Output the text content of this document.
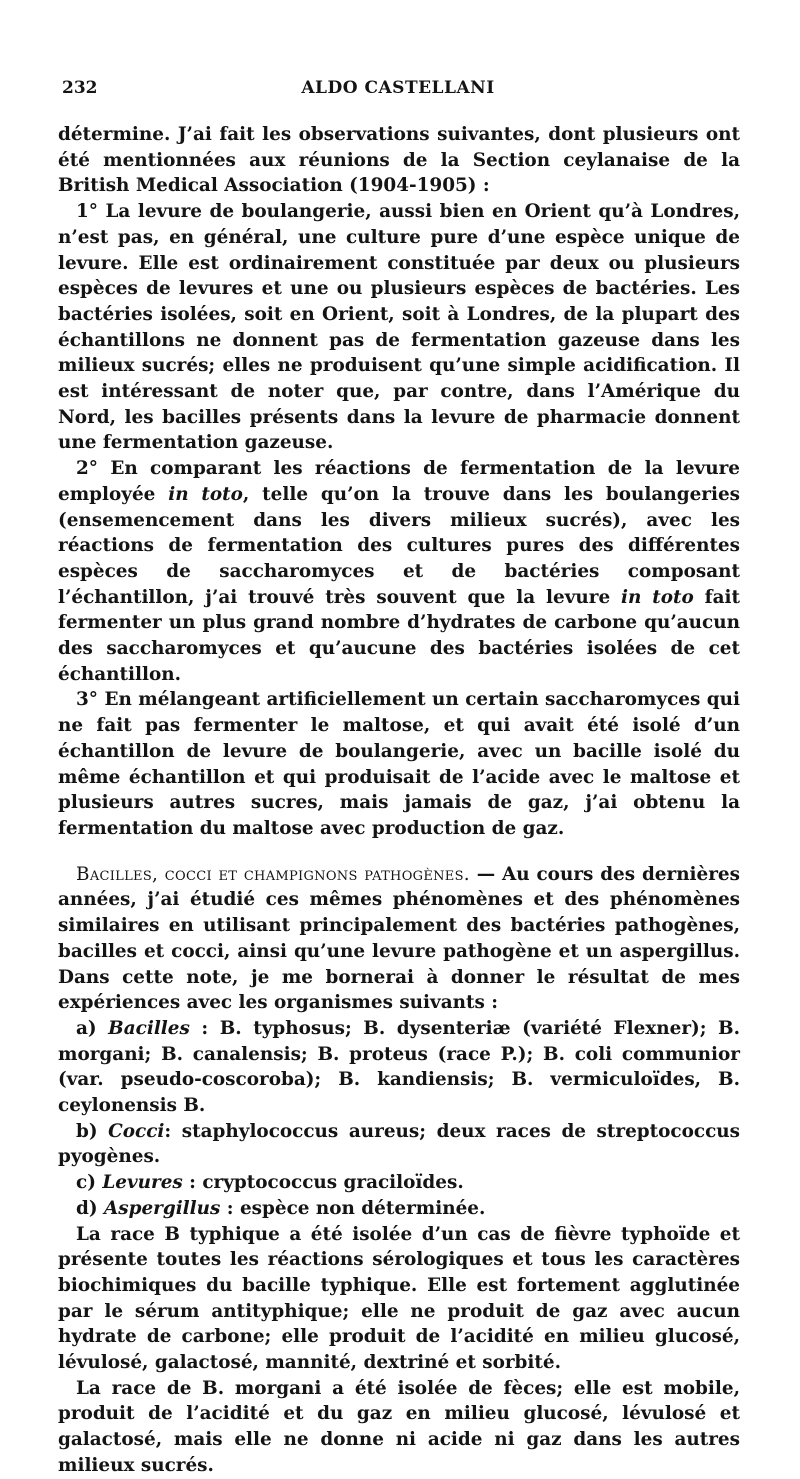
232	ALDO CASTELLANI

détermine. J’ai fait les observations suivantes, dont plusieurs ont été mentionnées aux réunions de la Section ceylanaise de la British Medical Association (1904-1905) :

1° La levure de boulangerie, aussi bien en Orient qu’à Londres, n’est pas, en général, une culture pure d’une espèce unique de levure. Elle est ordinairement constituée par deux ou plusieurs espèces de levures et une ou plusieurs espèces de bactéries. Les bactéries isolées, soit en Orient, soit à Londres, de la plupart des échantillons ne donnent pas de fermentation gazeuse dans les milieux sucrés; elles ne produisent qu’une simple acidification. Il est intéressant de noter que, par contre, dans l’Amérique du Nord, les bacilles présents dans la levure de pharmacie donnent une fermentation gazeuse.

2° En comparant les réactions de fermentation de la levure employée in toto, telle qu’on la trouve dans les boulangeries (ensemencement dans les divers milieux sucrés), avec les réactions de fermentation des cultures pures des différentes espèces de saccharomyces et de bactéries composant l’échantillon, j’ai trouvé très souvent que la levure in toto fait fermenter un plus grand nombre d’hydrates de carbone qu’aucun des saccharomyces et qu’aucune des bactéries isolées de cet échantillon.

3° En mélangeant artificiellement un certain saccharomyces qui ne fait pas fermenter le maltose, et qui avait été isolé d’un échantillon de levure de boulangerie, avec un bacille isolé du même échantillon et qui produisait de l’acide avec le maltose et plusieurs autres sucres, mais jamais de gaz, j’ai obtenu la fermentation du maltose avec production de gaz.

Bacilles, cocci et champignons pathogènes. — Au cours des dernières années, j’ai étudié ces mêmes phénomènes et des phénomènes similaires en utilisant principalement des bactéries pathogènes, bacilles et cocci, ainsi qu’une levure pathogène et un aspergillus. Dans cette note, je me bornerai à donner le résultat de mes expériences avec les organismes suivants :

a) Bacilles : B. typhosus; B. dysenteriæ (variété Flexner); B. morgani; B. canalensis; B. proteus (race P.); B. coli communior (var. pseudo-coscoroba); B. kandiensis; B. vermiculoïdes, B. ceylonensis B.

b) Cocci: staphylococcus aureus; deux races de streptococcus pyogènes.

c) Levures : cryptococcus graciloïdes.

d) Aspergillus : espèce non déterminée.

La race B typhique a été isolée d’un cas de fièvre typhoïde et présente toutes les réactions sérologiques et tous les caractères biochimiques du bacille typhique. Elle est fortement agglutinée par le sérum antityphique; elle ne produit de gaz avec aucun hydrate de carbone; elle produit de l’acidité en milieu glucosé, lévulosé, galactosé, mannité, dextriné et sorbité.

La race de B. morgani a été isolée de fèces; elle est mobile, produit de l’acidité et du gaz en milieu glucosé, lévulosé et galactosé, mais elle ne donne ni acide ni gaz dans les autres milieux sucrés.
